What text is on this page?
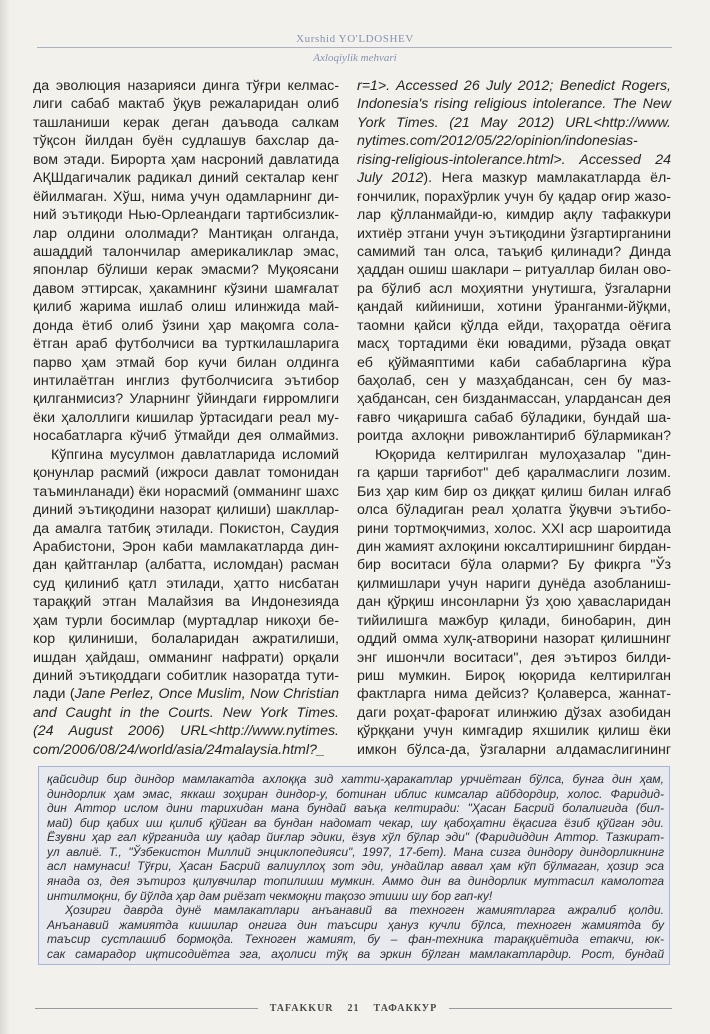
Xurshid YO'LDOSHEV
Axloqiylik mehvari
да эволюция назарияси динга тўғри келмас-
лиги сабаб мактаб ўқув режаларидан олиб
ташланиши керак деган даъвода салкам
тўқсон йилдан буён судлашув бахслар да-
вом этади. Бирорта ҳам насроний давлатида
АҚШдагичалик радикал диний секталар кенг
ёйилмаган. Хўш, нима учун одамларнинг ди-
ний эътиқоди Нью-Орлеандаги тартибсизлик-
лар олдини ололмади? Мантиқан олганда,
ашаддий талончилар америкаликлар эмас,
японлар бўлиши керак эмасми? Муқоясани
давом эттирсак, ҳакамнинг кўзини шамғалат
қилиб жарима ишлаб олиш илинжида май-
донда ётиб олиб ўзини ҳар мақомга сола-
ётган араб футболчиси ва турткилашларига
парво ҳам этмай бор кучи билан олдинга
интилаётган инглиз футболчисига эътибор
қилганмисиз? Уларнинг ўйиндаги ғирромлиги
ёки ҳалоллиги кишилар ўртасидаги реал му-
носабатларга кўчиб ўтмайди дея олмаймиз.
Кўпгина мусулмон давлатларида исломий
қонунлар расмий (ижроси давлат томонидан
таъминланади) ёки норасмий (омманинг шахс
диний эътиқодини назорат қилиши) шакллар-
да амалга татбиқ этилади. Покистон, Саудия
Арабистони, Эрон каби мамлакатларда дин-
дан қайтганлар (албатта, исломдан) расман
суд қилиниб қатл этилади, ҳатто нисбатан
тараққий этган Малайзия ва Индонезияда
ҳам турли босимлар (муртадлар никоҳи бе-
кор қилиниши, болаларидан ажратилиши,
ишдан ҳайдаш, омманинг нафрати) орқали
диний эътиқоддаги собитлик назоратда тути-
лади (Jane Perlez, Once Muslim, Now Christian
and Caught in the Courts. New York Times.
(24 August 2006) URL<http://www.nytimes.
com/2006/08/24/world/asia/24malaysia.html?_
r=1>. Accessed 26 July 2012; Benedict Rogers,
Indonesia's rising religious intolerance. The New
York Times. (21 May 2012) URL<http://www.
nytimes.com/2012/05/22/opinion/indonesias-
rising-religious-intolerance.html>. Accessed 24
July 2012). Нега мазкур мамлакатларда ёл-
ғончилик, порахўрлик учун бу қадар оғир жазо-
лар қўлланмайди-ю, кимдир ақлу тафаккури
ихтиёр этгани учун эътиқодини ўзгартирганини
самимий тан олса, таъқиб қилинади? Динда
ҳаддан ошиш шаклари – ритуаллар билан ово-
ра бўлиб асл моҳиятни унутишга, ўзгаларни
қандай кийиниши, хотини ўранганми-йўқми,
таомни қайси қўлда ейди, таҳоратда оёғига
масҳ тортадими ёки ювадими, рўзада овқат
еб қўймаяптими каби сабабларгина кўра
баҳолаб, сен у мазҳабдансан, сен бу маз-
ҳабдансан, сен бизданмассан, улардансан дея
ғавғо чиқаришга сабаб бўладики, бундай ша-
роитда ахлоқни ривожлантириб бўлармикан?
Юқорида келтирилган мулоҳазалар "дин-
га қарши тарғибот" деб қаралмаслиги лозим.
Биз ҳар ким бир оз диққат қилиш билан илғаб
олса бўладиган реал ҳолатга ўқувчи эътибо-
рини тортмоқчимиз, холос. XXI аср шароитида
дин жамият ахлоқини юксалтиришнинг бирдан-
бир воситаси бўла оларми? Бу фикрга "Ўз
қилмишлари учун нариги дунёда азобланиш-
дан қўрқиш инсонларни ўз ҳою ҳавасларидан
тийилишга мажбур қилади, бинобарин, дин
оддий омма хулқ-атворини назорат қилишнинг
энг ишончли воситаси", дея эътироз билди-
риш мумкин. Бироқ юқорида келтирилган
фактларга нима дейсиз? Қолаверса, жаннат-
даги роҳат-фароғат илинжию дўзах азобидан
қўрққани учун кимгадир яхшилик қилиш ёки
имкон бўлса-да, ўзгаларни алдамаслигининг
қайсидир бир диндор мамлакатда ахлоққа зид хатти-ҳаракатлар урчиётган бўлса, бунга дин ҳам,
диндорлик ҳам эмас, яккаш зоҳиран диндор-у, ботинан иблис кимсалар айбдордир, холос. Фаридид-
дин Аттор ислом дини тарихидан мана бундай ваъқа келтиради: "Ҳасан Басрий болалигида (бил-
май) бир қабих иш қилиб қўйган ва бундан надомат чекар, шу қабоҳатни ёқасига ёзиб қўйган эди.
Ёзувни ҳар гал кўрганида шу қадар йиғлар эдики, ёзув хўл бўлар эди" (Фаридиддин Аттор. Тазкират-
ул авлиё. Т., "Ўзбекистон Миллий энциклопедияси", 1997, 17-бет). Мана сизга диндору диндорликнинг
асл намунаси! Тўғри, Ҳасан Басрий валиуллоҳ зот эди, ундайлар аввал ҳам кўп бўлмаган, ҳозир эса
янада оз, дея эътироз қилувчилар топилиши мумкин. Аммо дин ва диндорлик муттасил камолотга
интилмоқни, бу йўлда ҳар дам риёзат чекмоқни тақозо этиши шу бор гап-ку!
Ҳозирги даврда дунё мамлакатлари анъанавий ва техноген жамиятларга ажралиб қолди.
Анъанавий жамиятда кишилар онгига дин таъсири ҳануз кучли бўлса, техноген жамиятда бу
таъсир сустлашиб бормоқда. Техноген жамият, бу – фан-техника тараққиётида етакчи, юк-
сак самарадор иқтисодиётга эга, аҳолиси тўқ ва эркин бўлган мамлакатлардир. Рост, бундай
TAFAKKUR	21	ТАФАККУР
